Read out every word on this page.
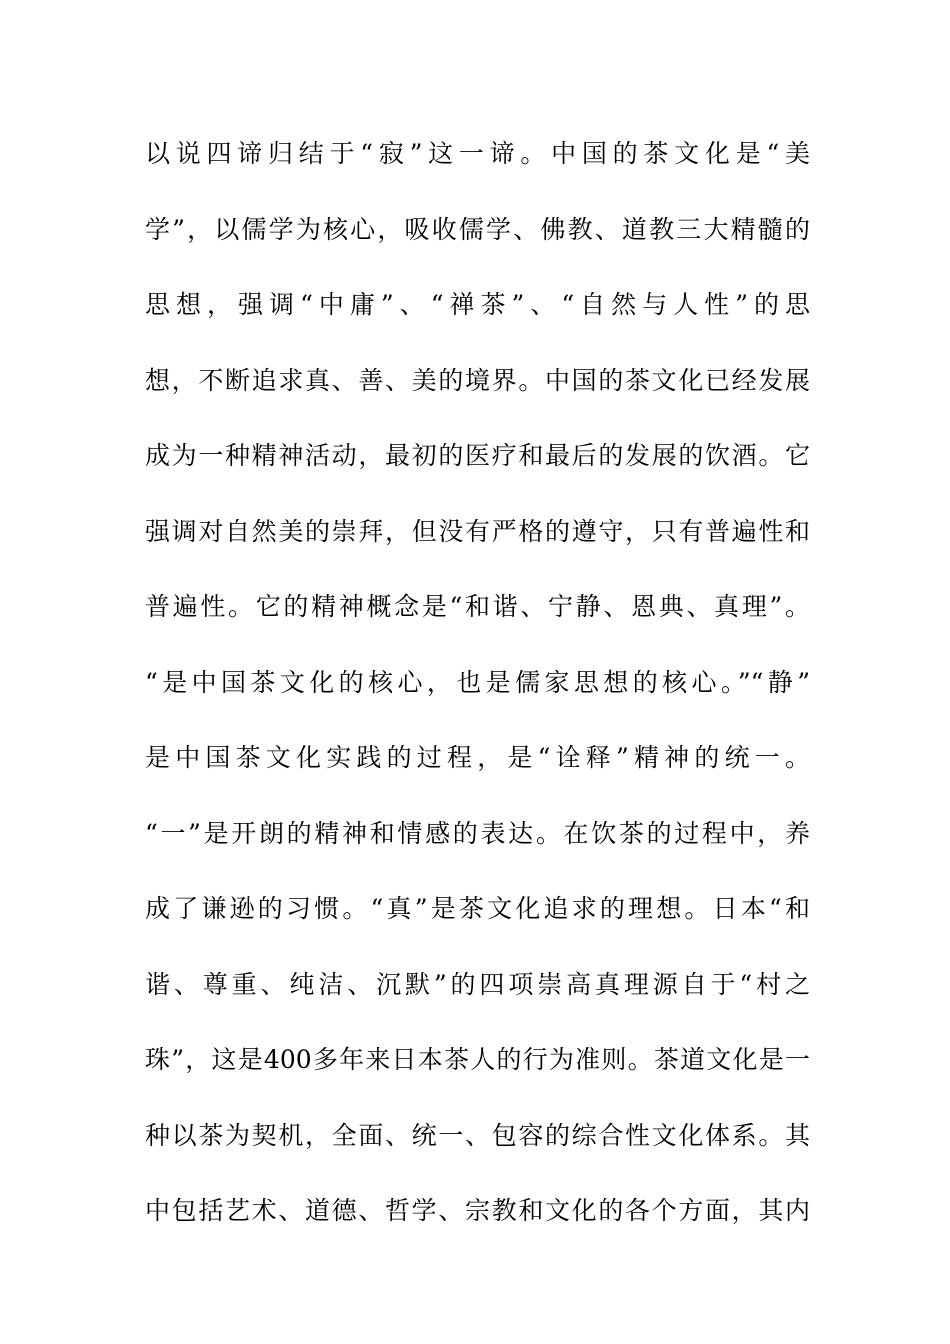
以说四谛归结于“寂”这一谛。中国的茶文化是“美
学”，以儒学为核心，吸收儒学、佛教、道教三大精髓的
思想，强调“中庸”、“禅茶”、“自然与人性”的思
想，不断追求真、善、美的境界。中国的茶文化已经发展
成为一种精神活动，最初的医疗和最后的发展的饮酒。它
强调对自然美的崇拜，但没有严格的遵守，只有普遍性和
普遍性。它的精神概念是“和谐、宁静、恩典、真理”。
“是中国茶文化的核心，也是儒家思想的核心。”“静”
是中国茶文化实践的过程，是“诠释”精神的统一。
“一”是开朗的精神和情感的表达。在饮茶的过程中，养
成了谦逊的习惯。“真”是茶文化追求的理想。日本“和
谐、尊重、纯洁、沉默”的四项崇高真理源自于“村之
珠”，这是400多年来日本茶人的行为准则。茶道文化是一
种以茶为契机，全面、统一、包容的综合性文化体系。其
中包括艺术、道德、哲学、宗教和文化的各个方面，其内
